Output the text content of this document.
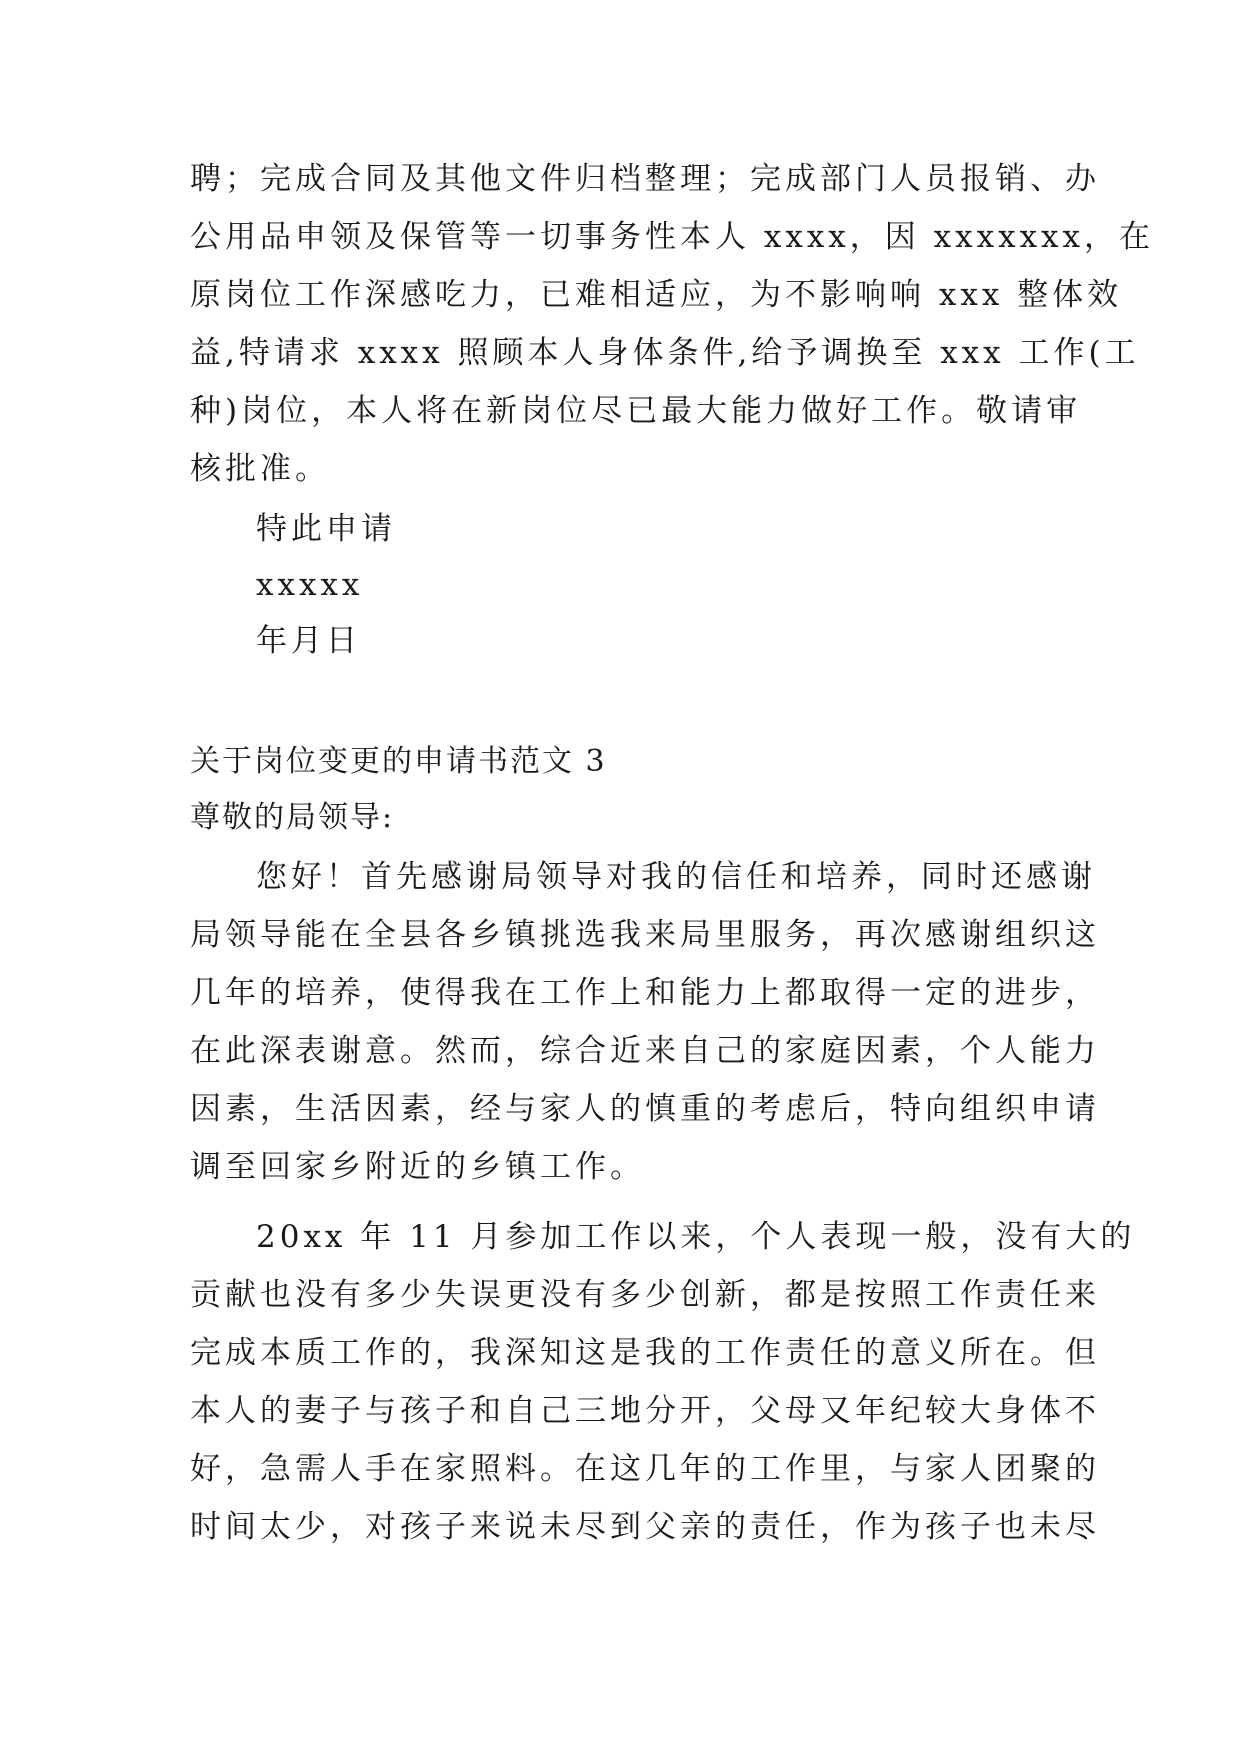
聘；完成合同及其他文件归档整理；完成部门人员报销、办
公用品申领及保管等一切事务性本人 xxxx，因 xxxxxxx，在
原岗位工作深感吃力，已难相适应，为不影响响 xxx 整体效
益,特请求 xxxx 照顾本人身体条件,给予调换至 xxx 工作(工
种)岗位，本人将在新岗位尽已最大能力做好工作。敬请审
核批准。
特此申请
xxxxx
年月日
关于岗位变更的申请书范文 3
尊敬的局领导:
您好！首先感谢局领导对我的信任和培养，同时还感谢
局领导能在全县各乡镇挑选我来局里服务，再次感谢组织这
几年的培养，使得我在工作上和能力上都取得一定的进步，
在此深表谢意。然而，综合近来自己的家庭因素，个人能力
因素，生活因素，经与家人的慎重的考虑后，特向组织申请
调至回家乡附近的乡镇工作。
20xx 年 11 月参加工作以来，个人表现一般，没有大的
贡献也没有多少失误更没有多少创新，都是按照工作责任来
完成本质工作的，我深知这是我的工作责任的意义所在。但
本人的妻子与孩子和自己三地分开，父母又年纪较大身体不
好，急需人手在家照料。在这几年的工作里，与家人团聚的
时间太少，对孩子来说未尽到父亲的责任，作为孩子也未尽
